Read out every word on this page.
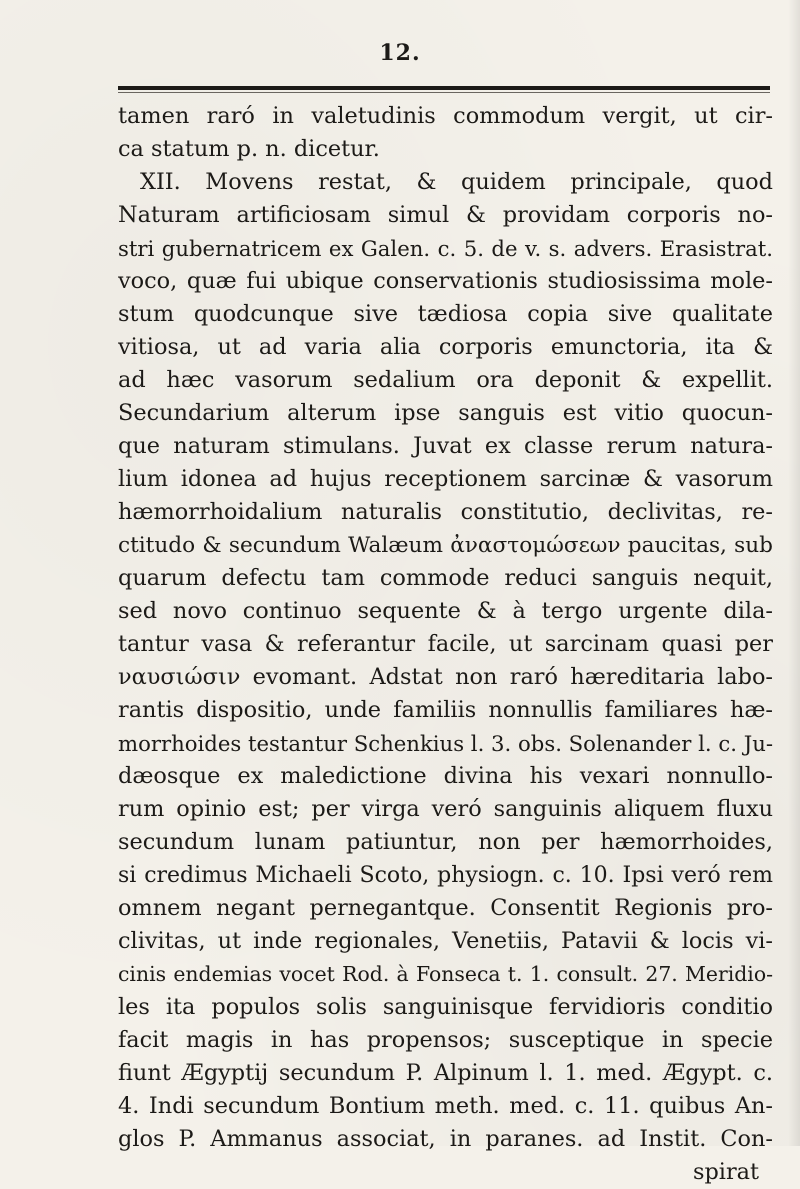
12.
tamen raró in valetudinis commodum vergit, ut cir-
ca statum p. n. dicetur.
XII. Movens restat, & quidem principale, quod
Naturam artificiosam simul & providam corporis no-
stri gubernatricem ex Galen. c. 5. de v. s. advers. Erasistrat.
voco, quæ fui ubique conservationis studiosissima mole-
stum quodcunque sive tædiosa copia sive qualitate
vitiosa, ut ad varia alia corporis emunctoria, ita &
ad hæc vasorum sedalium ora deponit & expellit.
Secundarium alterum ipse sanguis est vitio quocun-
que naturam stimulans. Juvat ex classe rerum natura-
lium idonea ad hujus receptionem sarcinæ & vasorum
hæmorrhoidalium naturalis constitutio, declivitas, re-
ctitudo & secundum Walæum ἀναστομώσεων paucitas, sub
quarum defectu tam commode reduci sanguis nequit,
sed novo continuo sequente & à tergo urgente dila-
tantur vasa & referantur facile, ut sarcinam quasi per
ναυσιώσιν evomant. Adstat non raró hæreditaria labo-
rantis dispositio, unde familiis nonnullis familiares hæ-
morrhoides testantur Schenkius l. 3. obs. Solenander l. c. Ju-
dæosque ex maledictione divina his vexari nonnullo-
rum opinio est; per virga veró sanguinis aliquem fluxu
secundum lunam patiuntur, non per hæmorrhoides,
si credimus Michaeli Scoto, physiogn. c. 10. Ipsi veró rem
omnem negant pernegantque. Consentit Regionis pro-
clivitas, ut inde regionales, Venetiis, Patavii & locis vi-
cinis endemias vocet Rod. à Fonseca t. 1. consult. 27. Meridio-
les ita populos solis sanguinisque fervidioris conditio
facit magis in has propensos; susceptique in specie
fiunt Ægyptij secundum P. Alpinum l. 1. med. Ægypt. c.
4. Indi secundum Bontium meth. med. c. 11. quibus An-
glos P. Ammanus associat, in paranes. ad Instit. Con-
spirat
